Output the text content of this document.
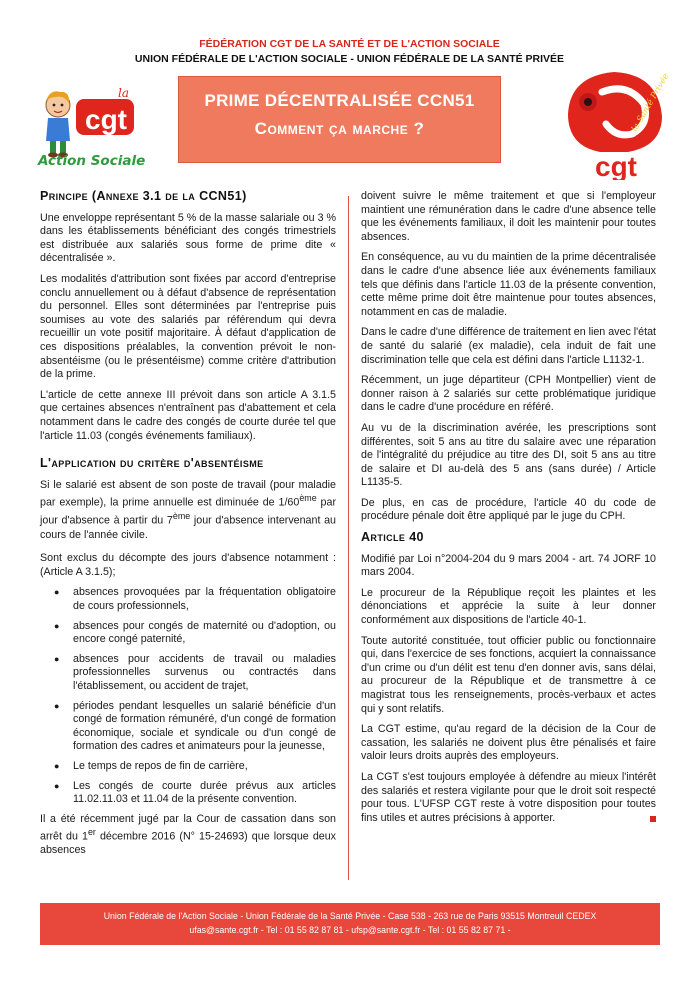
FÉDÉRATION CGT DE LA SANTÉ ET DE L'ACTION SOCIALE
UNION FÉDÉRALE DE L'ACTION SOCIALE - UNION FÉDÉRALE DE LA SANTÉ PRIVÉE
cgt
la
Action Sociale
PRIME DÉCENTRALISÉE CCN51
Comment ça marche ?	la Santé Privée
cgt
Principe (Annexe 3.1 de la CCN51)

Une enveloppe représentant 5 % de la masse salariale ou 3 % dans les établissements bénéficiant des congés trimestriels est distribuée aux salariés sous forme de prime dite « décentralisée ».

Les modalités d'attribution sont fixées par accord d'entreprise conclu annuellement ou à défaut d'absence de représentation du personnel. Elles sont déterminées par l'entreprise puis soumises au vote des salariés par référendum qui devra recueillir un vote positif majoritaire. À défaut d'application de ces dispositions préalables, la convention prévoit le non-absentéisme (ou le présentéisme) comme critère d'attribution de la prime.

L'article de cette annexe III prévoit dans son article A 3.1.5 que certaines absences n'entraînent pas d'abattement et cela notamment dans le cadre des congés de courte durée tel que l'article 11.03 (congés événements familiaux).

L'application du critère d'absentéisme

Si le salarié est absent de son poste de travail (pour maladie par exemple), la prime annuelle est diminuée de 1/60ème par jour d'absence à partir du 7ème jour d'absence intervenant au cours de l'année civile.

Sont exclus du décompte des jours d'absence notamment : (Article A 3.1.5);

● absences provoquées par la fréquentation obligatoire de cours professionnels,
● absences pour congés de maternité ou d'adoption, ou encore congé paternité,
● absences pour accidents de travail ou maladies professionnelles survenus ou contractés dans l'établissement, ou accident de trajet,
● périodes pendant lesquelles un salarié bénéficie d'un congé de formation rémunéré, d'un congé de formation économique, sociale et syndicale ou d'un congé de formation des cadres et animateurs pour la jeunesse,
● Le temps de repos de fin de carrière,
● Les congés de courte durée prévus aux articles 11.02.11.03 et 11.04 de la présente convention.

Il a été récemment jugé par la Cour de cassation dans son arrêt du 1er décembre 2016 (N° 15-24693) que lorsque deux absences

doivent suivre le même traitement et que si l'employeur maintient une rémunération dans le cadre d'une absence telle que les événements familiaux, il doit les maintenir pour toutes absences.

En conséquence, au vu du maintien de la prime décentralisée dans le cadre d'une absence liée aux événements familiaux tels que définis dans l'article 11.03 de la présente convention, cette même prime doit être maintenue pour toutes absences, notamment en cas de maladie.

Dans le cadre d'une différence de traitement en lien avec l'état de santé du salarié (ex maladie), cela induit de fait une discrimination telle que cela est défini dans l'article L1132-1.

Récemment, un juge départiteur (CPH Montpellier) vient de donner raison à 2 salariés sur cette problématique juridique dans le cadre d'une procédure en référé.

Au vu de la discrimination avérée, les prescriptions sont différentes, soit 5 ans au titre du salaire avec une réparation de l'intégralité du préjudice au titre des DI, soit 5 ans au titre de salaire et DI au-delà des 5 ans (sans durée) / Article L1135-5.

De plus, en cas de procédure, l'article 40 du code de procédure pénale doit être appliqué par le juge du CPH.

Article 40

Modifié par Loi n°2004-204 du 9 mars 2004 - art. 74 JORF 10 mars 2004.

Le procureur de la République reçoit les plaintes et les dénonciations et apprécie la suite à leur donner conformément aux dispositions de l'article 40-1.

Toute autorité constituée, tout officier public ou fonctionnaire qui, dans l'exercice de ses fonctions, acquiert la connaissance d'un crime ou d'un délit est tenu d'en donner avis, sans délai, au procureur de la République et de transmettre à ce magistrat tous les renseignements, procès-verbaux et actes qui y sont relatifs.

La CGT estime, qu'au regard de la décision de la Cour de cassation, les salariés ne doivent plus être pénalisés et faire valoir leurs droits auprès des employeurs.

La CGT s'est toujours employée à défendre au mieux l'intérêt des salariés et restera vigilante pour que le droit soit respecté pour tous. L'UFSP CGT reste à votre disposition pour toutes fins utiles et autres précisions à apporter.

Union Fédérale de l'Action Sociale - Union Fédérale de la Santé Privée - Case 538 - 263 rue de Paris 93515 Montreuil CEDEX
ufas@sante.cgt.fr - Tel : 01 55 82 87 81 - ufsp@sante.cgt.fr - Tel : 01 55 82 87 71 -
